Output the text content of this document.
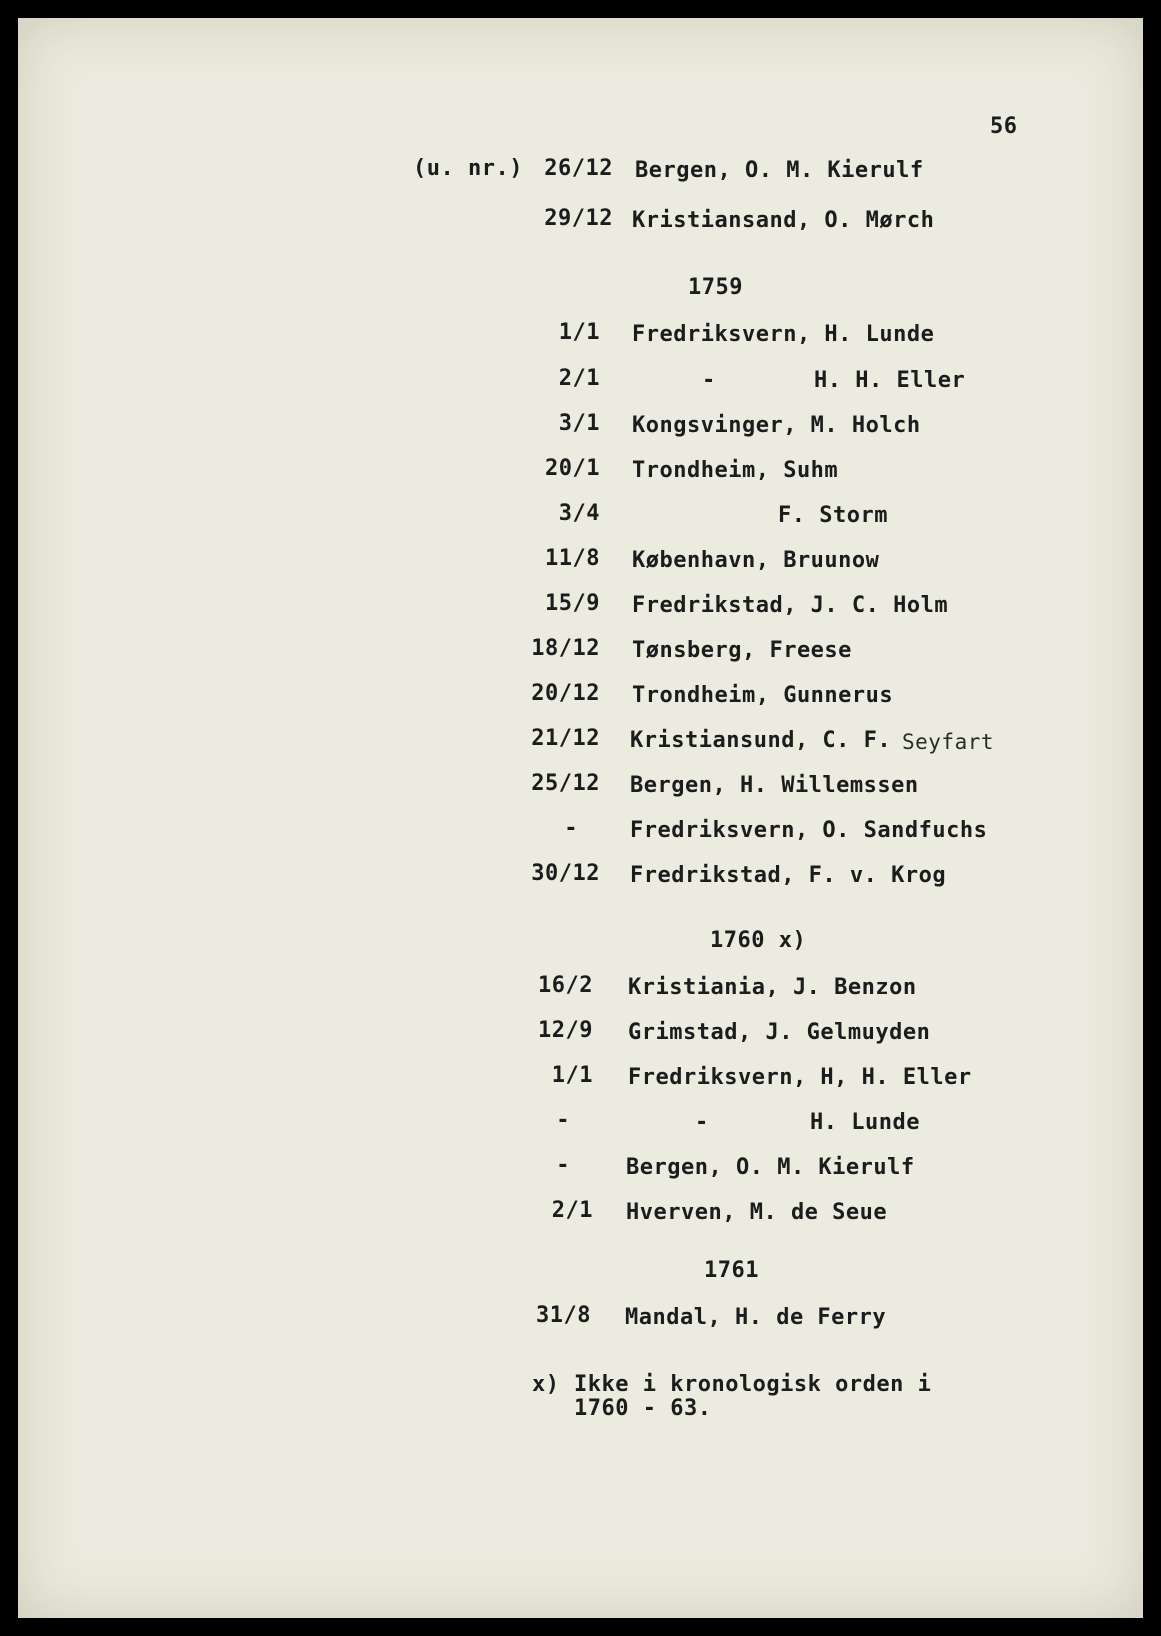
56
(u. nr.) 26/12 Bergen, O. M. Kierulf
29/12 Kristiansand, O. Mørch
1759
1/1 Fredriksvern, H. Lunde
2/1	-	H. H. Eller
3/1 Kongsvinger, M. Holch
20/1 Trondheim, Suhm
3/4	F. Storm
11/8 København, Bruunow
15/9 Fredrikstad, J. C. Holm
18/12 Tønsberg, Freese
20/12 Trondheim, Gunnerus
21/12 Kristiansund, C. F. Seyfart
25/12 Bergen, H. Willemssen
- Fredriksvern, O. Sandfuchs
30/12 Fredrikstad, F. v. Krog
1760 x)
16/2 Kristiania, J. Benzon
12/9 Grimstad, J. Gelmuyden
1/1 Fredriksvern, H, H. Eller
-	-	H. Lunde
-	Bergen, O. M. Kierulf
2/1 Hverven, M. de Seue
1761
31/8 Mandal, H. de Ferry
x) Ikke i kronologisk orden i
1760 - 63.
